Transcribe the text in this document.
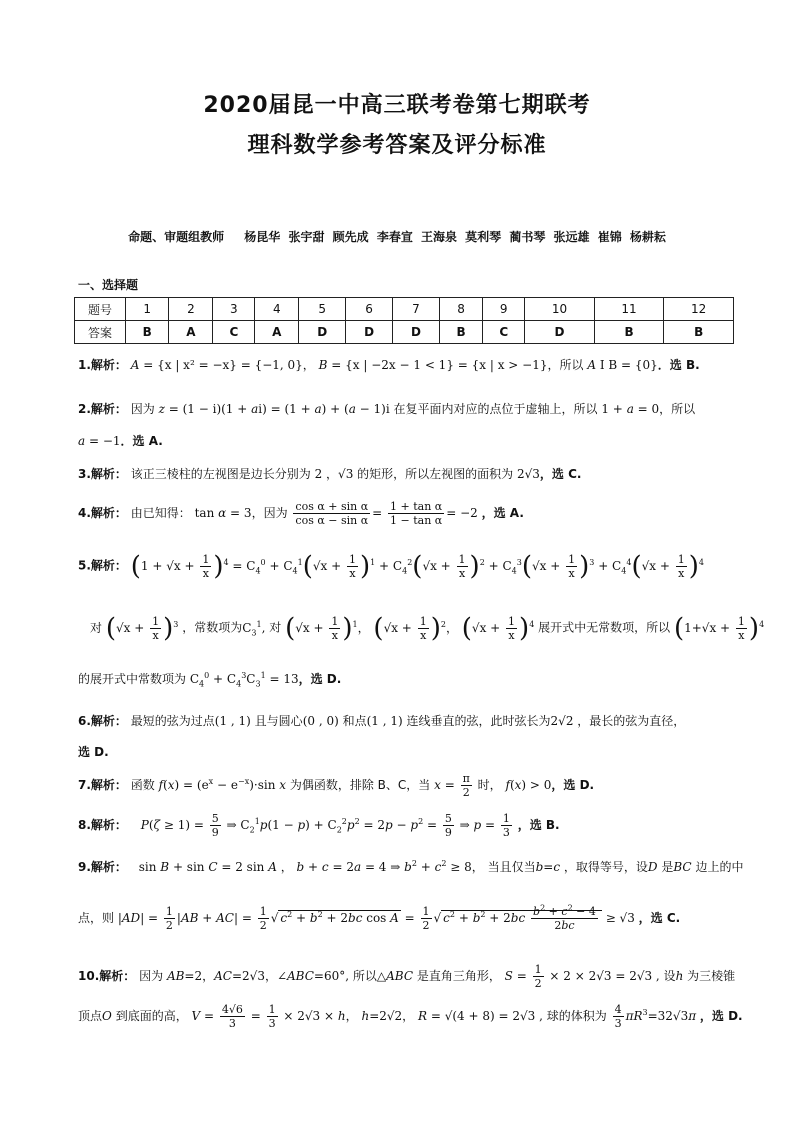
2020届昆一中高三联考卷第七期联考
理科数学参考答案及评分标准
命题、审题组教师　 杨昆华 张宇甜 顾先成 李春宣 王海泉 莫利琴 蔺书琴 张远雄 崔锦 杨耕耘
一、选择题
题号	1	2	3	4	5	6	7	8	9	10	11	12
答案	B	A	C	A	D	D	D	B	C	D	B	B
1.解析： A = {x | x² = −x} = {−1, 0}， B = {x | −2x − 1 < 1} = {x | x > −1}，所以 A I B = {0}．选 B.
2.解析： 因为 z = (1 − i)(1 + ai) = (1 + a) + (a − 1)i 在复平面内对应的点位于虚轴上，所以 1 + a = 0，所以
a = −1．选 A.
3.解析： 该正三棱柱的左视图是边长分别为 2 ，√3 的矩形，所以左视图的面积为 2√3，选 C.
4.解析： 由已知得： tan α = 3，因为 $\frac{\text{cos α + sin α}}{\text{cos α − sin α}} = \frac{\text{1 + tan α}}{\text{1 − tan α}} = -2$ ，选 A.
5.解析： $(1 + √x + \frac{1}{x} )^4 = C_4^0 + C_4^1(√x + \frac{1}{x} )^1 + C_4^2(√x + \frac{1}{x} )^2 + C_4^3(√x + \frac{1}{x} )^3 + C_4^4(√x + \frac{1}{x} )^4$
对 $(√x + \frac{1}{x} )^3$ ，常数项为$C_3^1$, 对 $(√x + \frac{1}{x} )^1$， $(√x + \frac{1}{x} )^2$， $(√x + \frac{1}{x} )^4$ 展开式中无常数项，所以 $(1+√x + \frac{1}{x} )^4$
的展开式中常数项为 $C_4^0 + C_4^3C_3^1 = 13$，选 D.
6.解析： 最短的弦为过点(1 , 1) 且与圆心(0 , 0) 和点(1 , 1) 连线垂直的弦，此时弦长为2√2 ，最长的弦为直径，
选 D.
7.解析： 函数 $f(x) = (e^x - e^{-x})\cdot\sin$ x 为偶函数，排除 B、C，当 $x = \frac{\pi}{2}$ 时， f(x) > 0，选 D.
8.解析： $P(\zeta \ge 1) = \frac{5}{9}$ ⇒ $C_2^1p(1 - p) + C_2^2p^2 = 2p - p^2 = \frac{5}{9}$ ⇒ $p = \frac{1}{3}$ ，选 B.
9.解析： sin B + sin C = 2 sin A ， b + c = 2a = 4 ⇒ $b^2 + c^2 \ge 8$， 当且仅当b=c ，取得等号，设D 是BC 边上的中
点，则 $|AD| = \frac{1}{2} |AB + AC| = \frac{1}{2}$ √ $c^2 + b^2 + 2bc$ $\cos A = \frac{1}{2}$ √ $c^2 + b^2 + 2bc \frac{b^2 + c^2 - 4}{2bc} \ge √3$ ，选 C.
10.解析： 因为 AB=2，AC=2√3，∠ABC=60°, 所以△ABC 是直角三角形， $S = \frac{1}{2} \times 2 \times 2√3 = 2√3$ , 设h 为三棱锥
顶点O 到底面的高， $V = \frac{4√6}{3} = \frac{1}{3} \times 2√3 \times h$， h=2√2， R = √(4 + 8) = 2√3 , 球的体积为 $\frac{4}{3} \pi R^3=32√3\pi$ ，选 D.
